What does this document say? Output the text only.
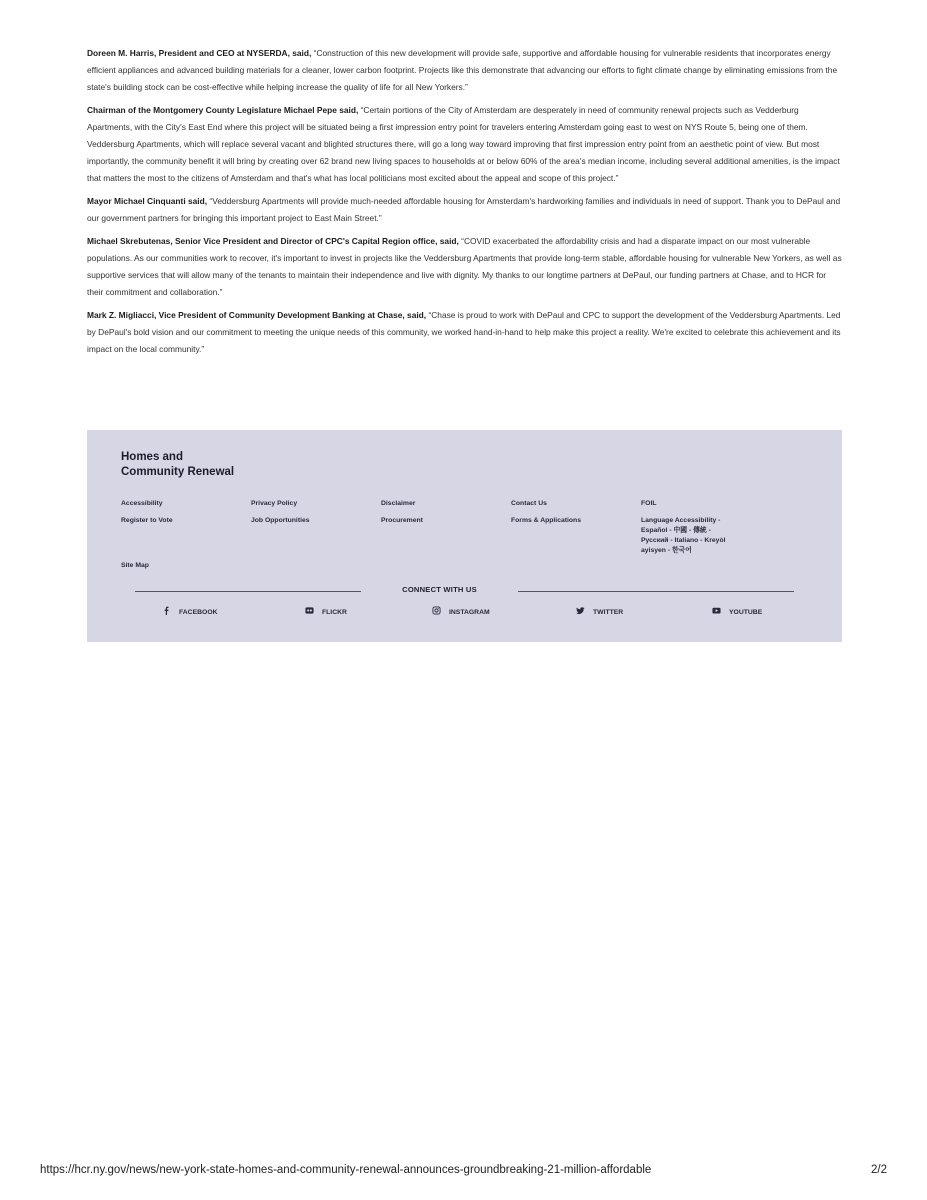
Doreen M. Harris, President and CEO at NYSERDA, said, “Construction of this new development will provide safe, supportive and affordable housing for vulnerable residents that incorporates energy efficient appliances and advanced building materials for a cleaner, lower carbon footprint. Projects like this demonstrate that advancing our efforts to fight climate change by eliminating emissions from the state's building stock can be cost-effective while helping increase the quality of life for all New Yorkers.”

Chairman of the Montgomery County Legislature Michael Pepe said, “Certain portions of the City of Amsterdam are desperately in need of community renewal projects such as Vedderburg Apartments, with the City's East End where this project will be situated being a first impression entry point for travelers entering Amsterdam going east to west on NYS Route 5, being one of them. Veddersburg Apartments, which will replace several vacant and blighted structures there, will go a long way toward improving that first impression entry point from an aesthetic point of view. But most importantly, the community benefit it will bring by creating over 62 brand new living spaces to households at or below 60% of the area's median income, including several additional amenities, is the impact that matters the most to the citizens of Amsterdam and that's what has local politicians most excited about the appeal and scope of this project.”

Mayor Michael Cinquanti said, “Veddersburg Apartments will provide much-needed affordable housing for Amsterdam's hardworking families and individuals in need of support. Thank you to DePaul and our government partners for bringing this important project to East Main Street.”

Michael Skrebutenas, Senior Vice President and Director of CPC's Capital Region office, said, “COVID exacerbated the affordability crisis and had a disparate impact on our most vulnerable populations. As our communities work to recover, it's important to invest in projects like the Veddersburg Apartments that provide long-term stable, affordable housing for vulnerable New Yorkers, as well as supportive services that will allow many of the tenants to maintain their independence and live with dignity. My thanks to our longtime partners at DePaul, our funding partners at Chase, and to HCR for their commitment and collaboration.”

Mark Z. Migliacci, Vice President of Community Development Banking at Chase, said, “Chase is proud to work with DePaul and CPC to support the development of the Veddersburg Apartments. Led by DePaul's bold vision and our commitment to meeting the unique needs of this community, we worked hand-in-hand to help make this project a reality. We're excited to celebrate this achievement and its impact on the local community.”

Homes and
Community Renewal
Accessibility	Privacy Policy	Disclaimer	Contact Us	FOIL
Register to Vote	Job Opportunities	Procurement	Forms & Applications	Language Accessibility -
Español - 中國 - 傳統 -
Русский - Italiano - Kreyòl
ayisyen - 한국어
Site Map
CONNECT WITH US
FACEBOOK	FLICKR	INSTAGRAM	TWITTER	YOUTUBE
https://hcr.ny.gov/news/new-york-state-homes-and-community-renewal-announces-groundbreaking-21-million-affordable	2/2
